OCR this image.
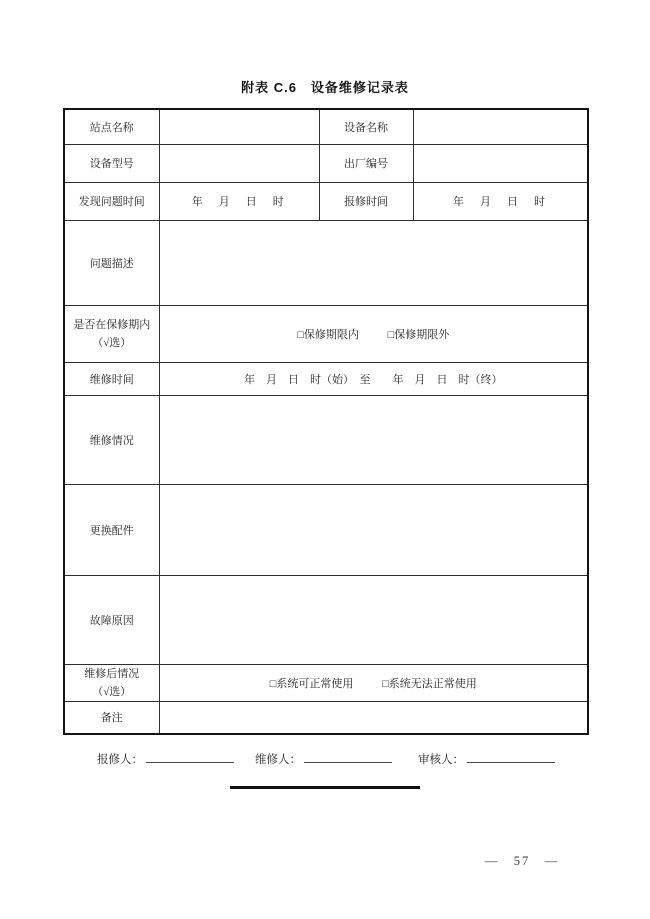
附表 C.6　设备维修记录表
站点名称		设备名称	
设备型号		出厂编号	
发现问题时间	年　月　日　时	报修时间	年　月　日　时
问题描述			

是否在保修期内
（√选）	□保修期限内 □保修期限外		
维修时间	年　月　日　时（始）　至　　年　月　日　时（终）		
维修情况			
更换配件			
故障原因			

维修后情况
（√选）	□系统可正常使用 □系统无法正常使用		
备注			
报修人：	维修人：	审核人：
—　57　—
